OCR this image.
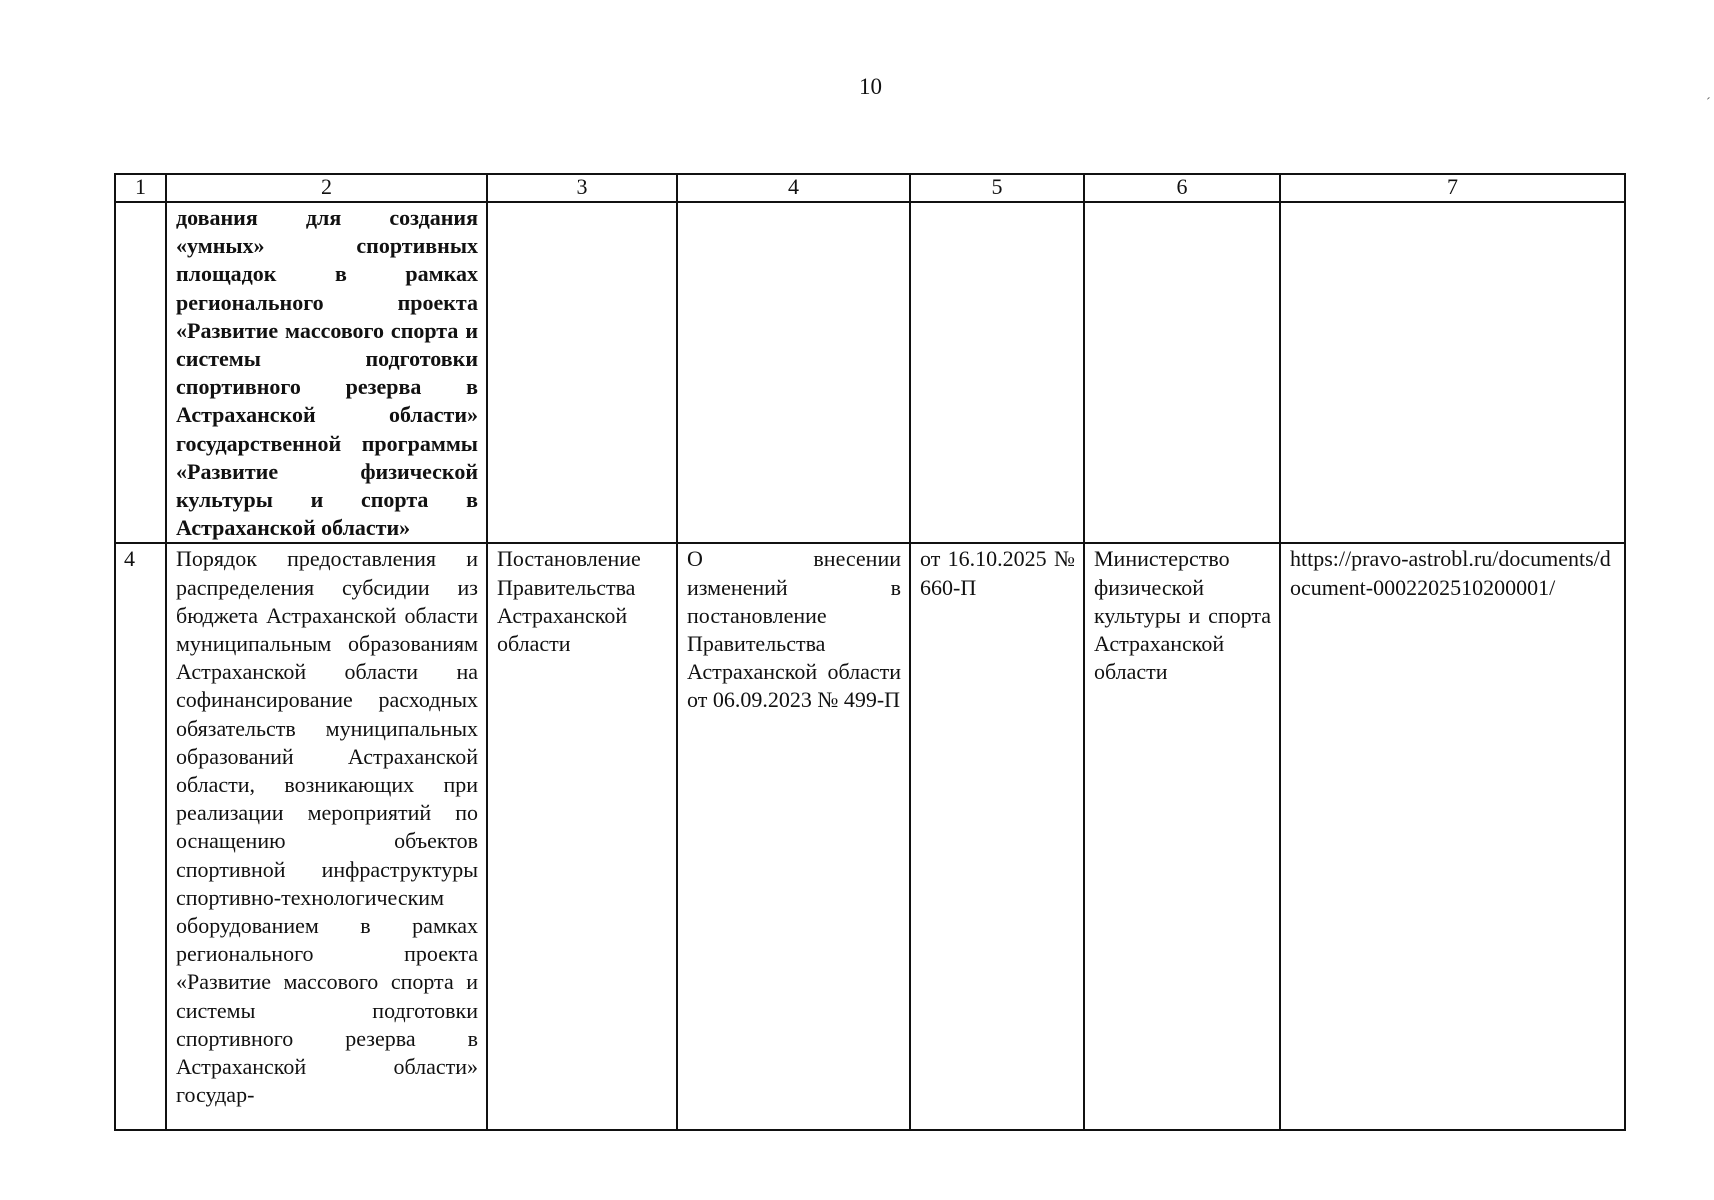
10
´
1	2	3	4	5	6	7
	дования для создания «умных» спортивных площадок в рамках регионального проекта «Развитие массового спорта и системы подготовки спортивного резерва в Астраханской области» государственной программы «Развитие физической культуры и спорта в Астраханской области»					
4	Порядок предоставления и распределения субсидии из бюджета Астраханской области муниципальным образованиям Астраханской области на софинансирование расходных обязательств муниципальных образований Астраханской области, возникающих при реализации мероприятий по оснащению объектов спортивной инфраструктуры спортивно-технологическим оборудованием в рамках регионального проекта «Развитие массового спорта и системы подготовки спортивного резерва в Астраханской области» государ-	Постановление Правительства Астраханской области	О внесении изменений в постановление Правительства Астраханской области от 06.09.2023 № 499-П	от 16.10.2025 № 660-П	Министерство физической культуры и спорта Астраханской области	https://pravo-astrobl.ru/documents/document-0002202510200001/
